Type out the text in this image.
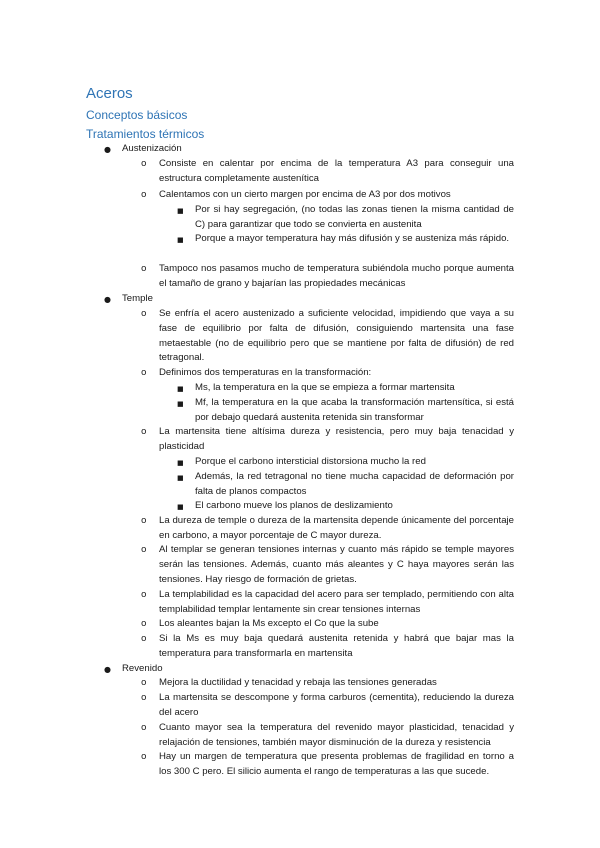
Aceros
Conceptos básicos
Tratamientos térmicos
● Austenización
o Consiste en calentar por encima de la temperatura A3 para conseguir una estructura completamente austenítica
o Calentamos con un cierto margen por encima de A3 por dos motivos
■ Por si hay segregación, (no todas las zonas tienen la misma cantidad de C) para garantizar que todo se convierta en austenita
■ Porque a mayor temperatura hay más difusión y se austeniza más rápido.
o Tampoco nos pasamos mucho de temperatura subiéndola mucho porque aumenta el tamaño de grano y bajarían las propiedades mecánicas
● Temple
o Se enfría el acero austenizado a suficiente velocidad, impidiendo que vaya a su fase de equilibrio por falta de difusión, consiguiendo martensita una fase metaestable (no de equilibrio pero que se mantiene por falta de difusión) de red tetragonal.
o Definimos dos temperaturas en la transformación:
■ Ms, la temperatura en la que se empieza a formar martensita
■ Mf, la temperatura en la que acaba la transformación martensítica, si está por debajo quedará austenita retenida sin transformar
o La martensita tiene altísima dureza y resistencia, pero muy baja tenacidad y plasticidad
■ Porque el carbono intersticial distorsiona mucho la red
■ Además, la red tetragonal no tiene mucha capacidad de deformación por falta de planos compactos
■ El carbono mueve los planos de deslizamiento
o La dureza de temple o dureza de la martensita depende únicamente del porcentaje en carbono, a mayor porcentaje de C mayor dureza.
o Al templar se generan tensiones internas y cuanto más rápido se temple mayores serán las tensiones. Además, cuanto más aleantes y C haya mayores serán las tensiones. Hay riesgo de formación de grietas.
o La templabilidad es la capacidad del acero para ser templado, permitiendo con alta templabilidad templar lentamente sin crear tensiones internas
o Los aleantes bajan la Ms excepto el Co que la sube
o Si la Ms es muy baja quedará austenita retenida y habrá que bajar mas la temperatura para transformarla en martensita
● Revenido
o Mejora la ductilidad y tenacidad y rebaja las tensiones generadas
o La martensita se descompone y forma carburos (cementita), reduciendo la dureza del acero
o Cuanto mayor sea la temperatura del revenido mayor plasticidad, tenacidad y relajación de tensiones, también mayor disminución de la dureza y resistencia
o Hay un margen de temperatura que presenta problemas de fragilidad en torno a los 300 C pero. El silicio aumenta el rango de temperaturas a las que sucede.
